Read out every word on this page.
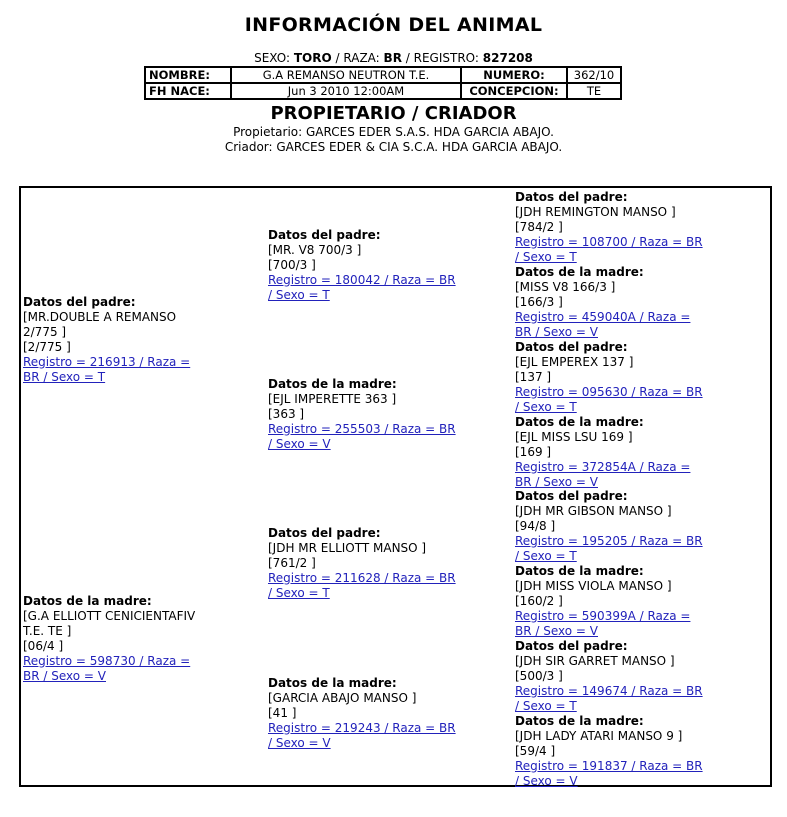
INFORMACIÓN DEL ANIMAL
SEXO: TORO / RAZA: BR / REGISTRO: 827208
NOMBRE:	G.A REMANSO NEUTRON T.E.	NUMERO:	362/10
FH NACE:	Jun 3 2010 12:00AM	CONCEPCION:	TE
PROPIETARIO / CRIADOR
Propietario: GARCES EDER S.A.S. HDA GARCIA ABAJO.
Criador: GARCES EDER & CIA S.C.A. HDA GARCIA ABAJO.
Datos del padre:
[MR.DOUBLE A REMANSO
2/775 ]
[2/775 ]
Registro = 216913 / Raza =
BR / Sexo = T
Datos de la madre:
[G.A ELLIOTT CENICIENTAFIV
T.E. TE ]
[06/4 ]
Registro = 598730 / Raza =
BR / Sexo = V
Datos del padre:
[MR. V8 700/3 ]
[700/3 ]
Registro = 180042 / Raza = BR
/ Sexo = T
Datos de la madre:
[EJL IMPERETTE 363 ]
[363 ]
Registro = 255503 / Raza = BR
/ Sexo = V
Datos del padre:
[JDH MR ELLIOTT MANSO ]
[761/2 ]
Registro = 211628 / Raza = BR
/ Sexo = T
Datos de la madre:
[GARCIA ABAJO MANSO ]
[41 ]
Registro = 219243 / Raza = BR
/ Sexo = V
Datos del padre:
[JDH REMINGTON MANSO ]
[784/2 ]
Registro = 108700 / Raza = BR
/ Sexo = T
Datos de la madre:
[MISS V8 166/3 ]
[166/3 ]
Registro = 459040A / Raza =
BR / Sexo = V
Datos del padre:
[EJL EMPEREX 137 ]
[137 ]
Registro = 095630 / Raza = BR
/ Sexo = T
Datos de la madre:
[EJL MISS LSU 169 ]
[169 ]
Registro = 372854A / Raza =
BR / Sexo = V
Datos del padre:
[JDH MR GIBSON MANSO ]
[94/8 ]
Registro = 195205 / Raza = BR
/ Sexo = T
Datos de la madre:
[JDH MISS VIOLA MANSO ]
[160/2 ]
Registro = 590399A / Raza =
BR / Sexo = V
Datos del padre:
[JDH SIR GARRET MANSO ]
[500/3 ]
Registro = 149674 / Raza = BR
/ Sexo = T
Datos de la madre:
[JDH LADY ATARI MANSO 9 ]
[59/4 ]
Registro = 191837 / Raza = BR
/ Sexo = V
